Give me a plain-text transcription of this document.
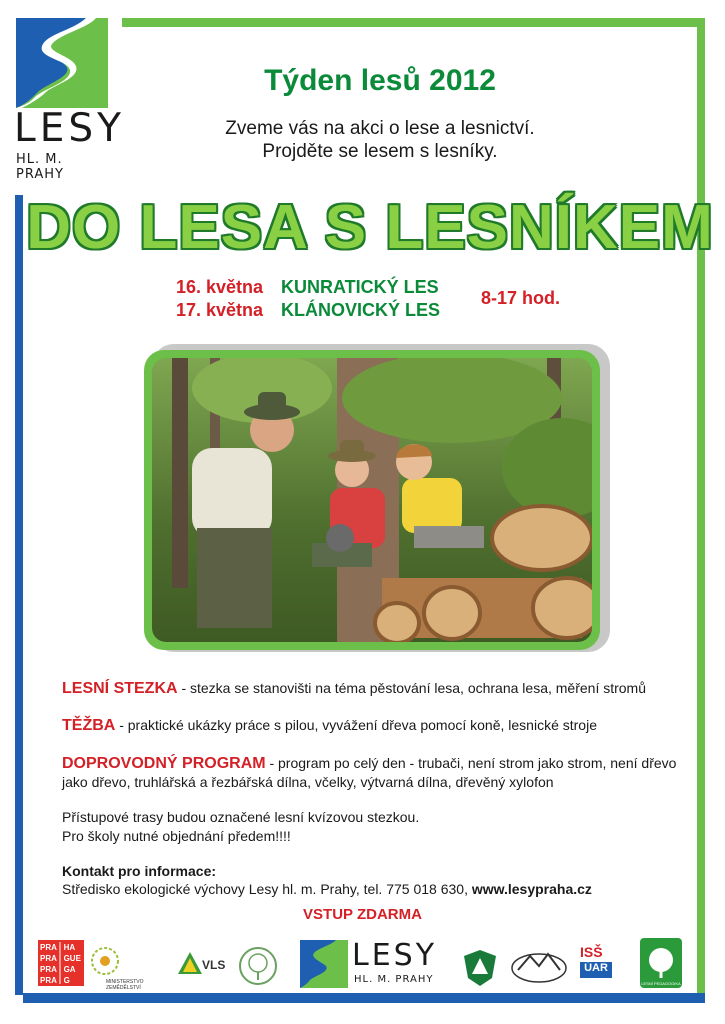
LESY
HL. M. PRAHY
Týden lesů 2012
Zveme vás na akci o lese a lesnictví.
Projděte se lesem s lesníky.
DO LESA S LESNÍKEM
16. května KUNRATICKÝ LES
17. května KLÁNOVICKÝ LES
8-17 hod.
LESNÍ STEZKA - stezka se stanovišti na téma pěstování lesa, ochrana lesa, měření stromů
TĚŽBA - praktické ukázky práce s pilou, vyvážení dřeva pomocí koně, lesnické stroje
DOPROVODNÝ PROGRAM - program po celý den - trubači, není strom jako strom, není dřevo jako dřevo, truhlářská a řezbářská dílna, včelky, výtvarná dílna, dřevěný xylofon
Přístupové trasy budou označené lesní kvízovou stezkou.
Pro školy nutné objednání předem!!!!
Kontakt pro informace:
Středisko ekologické výchovy Lesy hl. m. Prahy, tel. 775 018 630, www.lesypraha.cz
VSTUP ZDARMA
PRA HA
PRA GUE
PRA GA
PRA G	MINISTERSTVO ZEMĚDĚLSTVÍ
VLS	LESY
HL. M. PRAHY
ISŠ
ÚAR
LESNÍ PEDAGOGIKA
